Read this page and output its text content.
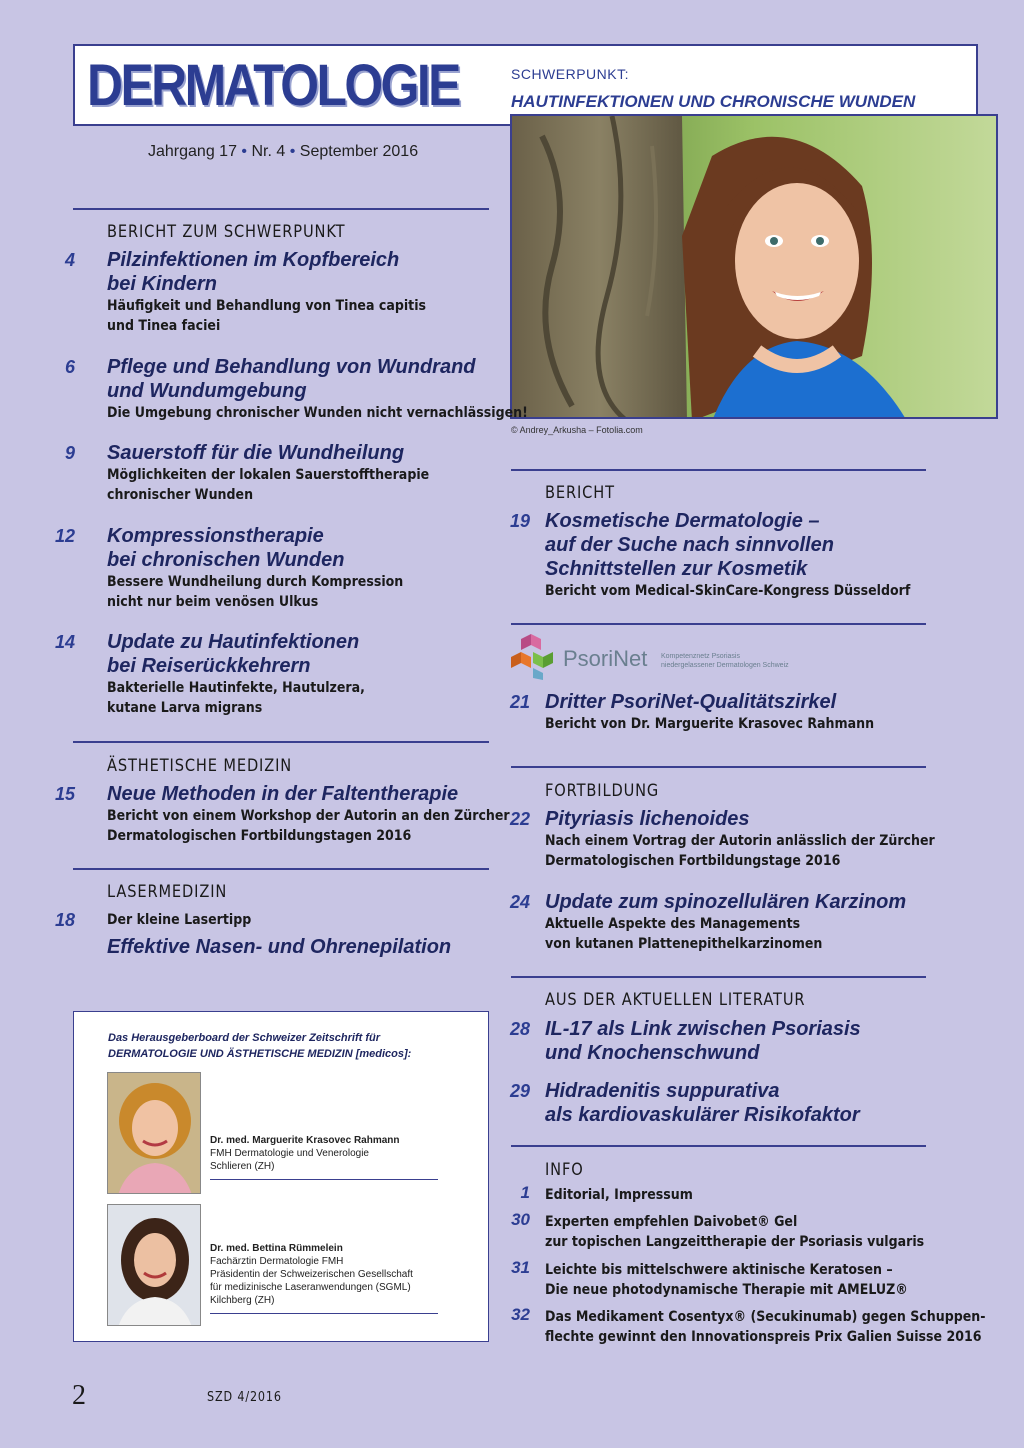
DERMATOLOGIE	SCHWERPUNKT:
HAUTINFEKTIONEN UND CHRONISCHE WUNDEN
Jahrgang 17 • Nr. 4 • September 2016
© Andrey_Arkusha – Fotolia.com
BERICHT ZUM SCHWERPUNKT
4 Pilzinfektionen im Kopfbereich
bei Kindern
Häufigkeit und Behandlung von Tinea capitis
und Tinea faciei
6 Pflege und Behandlung von Wundrand
und Wundumgebung
Die Umgebung chronischer Wunden nicht vernachlässigen!
9 Sauerstoff für die Wundheilung
Möglichkeiten der lokalen Sauerstofftherapie
chronischer Wunden
12 Kompressionstherapie
bei chronischen Wunden
Bessere Wundheilung durch Kompression
nicht nur beim venösen Ulkus
14 Update zu Hautinfektionen
bei Reiserückkehrern
Bakterielle Hautinfekte, Hautulzera,
kutane Larva migrans
ÄSTHETISCHE MEDIZIN
15 Neue Methoden in der Faltentherapie
Bericht von einem Workshop der Autorin an den Zürcher
Dermatologischen Fortbildungstagen 2016
LASERMEDIZIN
18 Der kleine Lasertipp
Effektive Nasen- und Ohrenepilation
Das Herausgeberboard der Schweizer Zeitschrift für
DERMATOLOGIE UND ÄSTHETISCHE MEDIZIN [medicos]:
Dr. med. Marguerite Krasovec Rahmann
FMH Dermatologie und Venerologie
Schlieren (ZH)
Dr. med. Bettina Rümmelein
Fachärztin Dermatologie FMH
Präsidentin der Schweizerischen Gesellschaft
für medizinische Laseranwendungen (SGML)
Kilchberg (ZH)
BERICHT
19 Kosmetische Dermatologie –
auf der Suche nach sinnvollen
Schnittstellen zur Kosmetik
Bericht vom Medical-SkinCare-Kongress Düsseldorf
PsoriNet Kompetenznetz Psoriasis
niedergelassener Dermatologen Schweiz
21 Dritter PsoriNet-Qualitätszirkel
Bericht von Dr. Marguerite Krasovec Rahmann
FORTBILDUNG
22 Pityriasis lichenoides
Nach einem Vortrag der Autorin anlässlich der Zürcher
Dermatologischen Fortbildungstage 2016
24 Update zum spinozellulären Karzinom
Aktuelle Aspekte des Managements
von kutanen Plattenepithelkarzinomen
AUS DER AKTUELLEN LITERATUR
28 IL-17 als Link zwischen Psoriasis
und Knochenschwund
29 Hidradenitis suppurativa
als kardiovaskulärer Risikofaktor
INFO
1 Editorial, Impressum
30 Experten empfehlen Daivobet® Gel
zur topischen Langzeittherapie der Psoriasis vulgaris
31 Leichte bis mittelschwere aktinische Keratosen –
Die neue photodynamische Therapie mit AMELUZ®
32 Das Medikament Cosentyx® (Secukinumab) gegen Schuppen-
flechte gewinnt den Innovationspreis Prix Galien Suisse 2016
2	SZD 4/2016
